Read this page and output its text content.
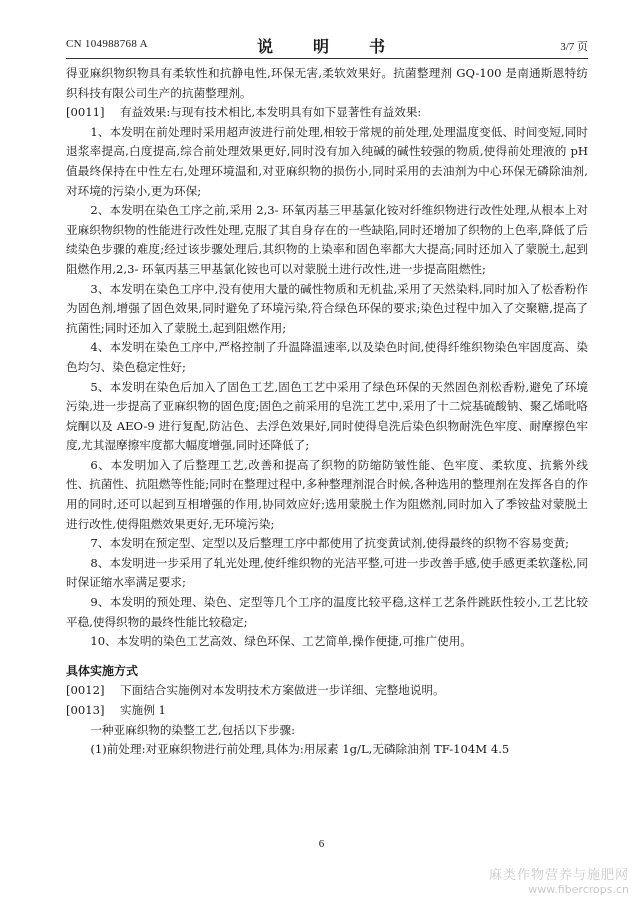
CN 104988768 A	说　明　书	3/7 页

得亚麻织物织物具有柔软性和抗静电性,环保无害,柔软效果好。抗菌整理剂 GQ-100 是南通斯恩特纺织科技有限公司生产的抗菌整理剂。

[0011] 有益效果:与现有技术相比,本发明具有如下显著性有益效果:

1、本发明在前处理时采用超声波进行前处理,相较于常规的前处理,处理温度变低、时间变短,同时退浆率提高,白度提高,综合前处理效果更好,同时没有加入纯碱的碱性较强的物质,使得前处理液的 pH 值最终保持在中性左右,处理环境温和,对亚麻织物的损伤小,同时采用的去油剂为中心环保无磷除油剂,对环境的污染小,更为环保;

2、本发明在染色工序之前,采用 2,3- 环氧丙基三甲基氯化铵对纤维织物进行改性处理,从根本上对亚麻织物织物的性能进行改性处理,克服了其自身存在的一些缺陷,同时还增加了织物的上色率,降低了后续染色步骤的难度;经过该步骤处理后,其织物的上染率和固色率都大大提高;同时还加入了蒙脱土,起到阻燃作用,2,3- 环氧丙基三甲基氯化铵也可以对蒙脱土进行改性,进一步提高阻燃性;

3、本发明在染色工序中,没有使用大量的碱性物质和无机盐,采用了天然染料,同时加入了松香粉作为固色剂,增强了固色效果,同时避免了环境污染,符合绿色环保的要求;染色过程中加入了交聚糖,提高了抗菌性;同时还加入了蒙脱土,起到阻燃作用;

4、本发明在染色工序中,严格控制了升温降温速率,以及染色时间,使得纤维织物染色牢固度高、染色均匀、染色稳定性好;

5、本发明在染色后加入了固色工艺,固色工艺中采用了绿色环保的天然固色剂松香粉,避免了环境污染,进一步提高了亚麻织物的固色度;固色之前采用的皂洗工艺中,采用了十二烷基硫酸钠、聚乙烯吡咯烷酮以及 AEO-9 进行复配,防沾色、去浮色效果好,同时使得皂洗后染色织物耐洗色牢度、耐摩擦色牢度,尤其湿摩擦牢度都大幅度增强,同时还降低了;

6、本发明加入了后整理工艺,改善和提高了织物的防缩防皱性能、色牢度、柔软度、抗紫外线性、抗菌性、抗阻燃等性能;同时在整理过程中,多种整理剂混合时候,各种选用的整理剂在发挥各自的作用的同时,还可以起到互相增强的作用,协同效应好;选用蒙脱土作为阻燃剂,同时加入了季铵盐对蒙脱土进行改性,使得阻燃效果更好,无环境污染;

7、本发明在预定型、定型以及后整理工序中都使用了抗变黄试剂,使得最终的织物不容易变黄;

8、本发明进一步采用了轧光处理,使纤维织物的光洁平整,可进一步改善手感,使手感更柔软蓬松,同时保证缩水率满足要求;

9、本发明的预处理、染色、定型等几个工序的温度比较平稳,这样工艺条件跳跃性较小,工艺比较平稳,使得织物的最终性能比较稳定;

10、本发明的染色工艺高效、绿色环保、工艺简单,操作便捷,可推广使用。

具体实施方式

[0012] 下面结合实施例对本发明技术方案做进一步详细、完整地说明。

[0013] 实施例 1

一种亚麻织物的染整工艺,包括以下步骤:

(1)前处理:对亚麻织物进行前处理,具体为:用尿素 1g/L,无磷除油剂 TF-104M 4.5

6
麻类作物营养与施肥网
www.fibercrops.cn
